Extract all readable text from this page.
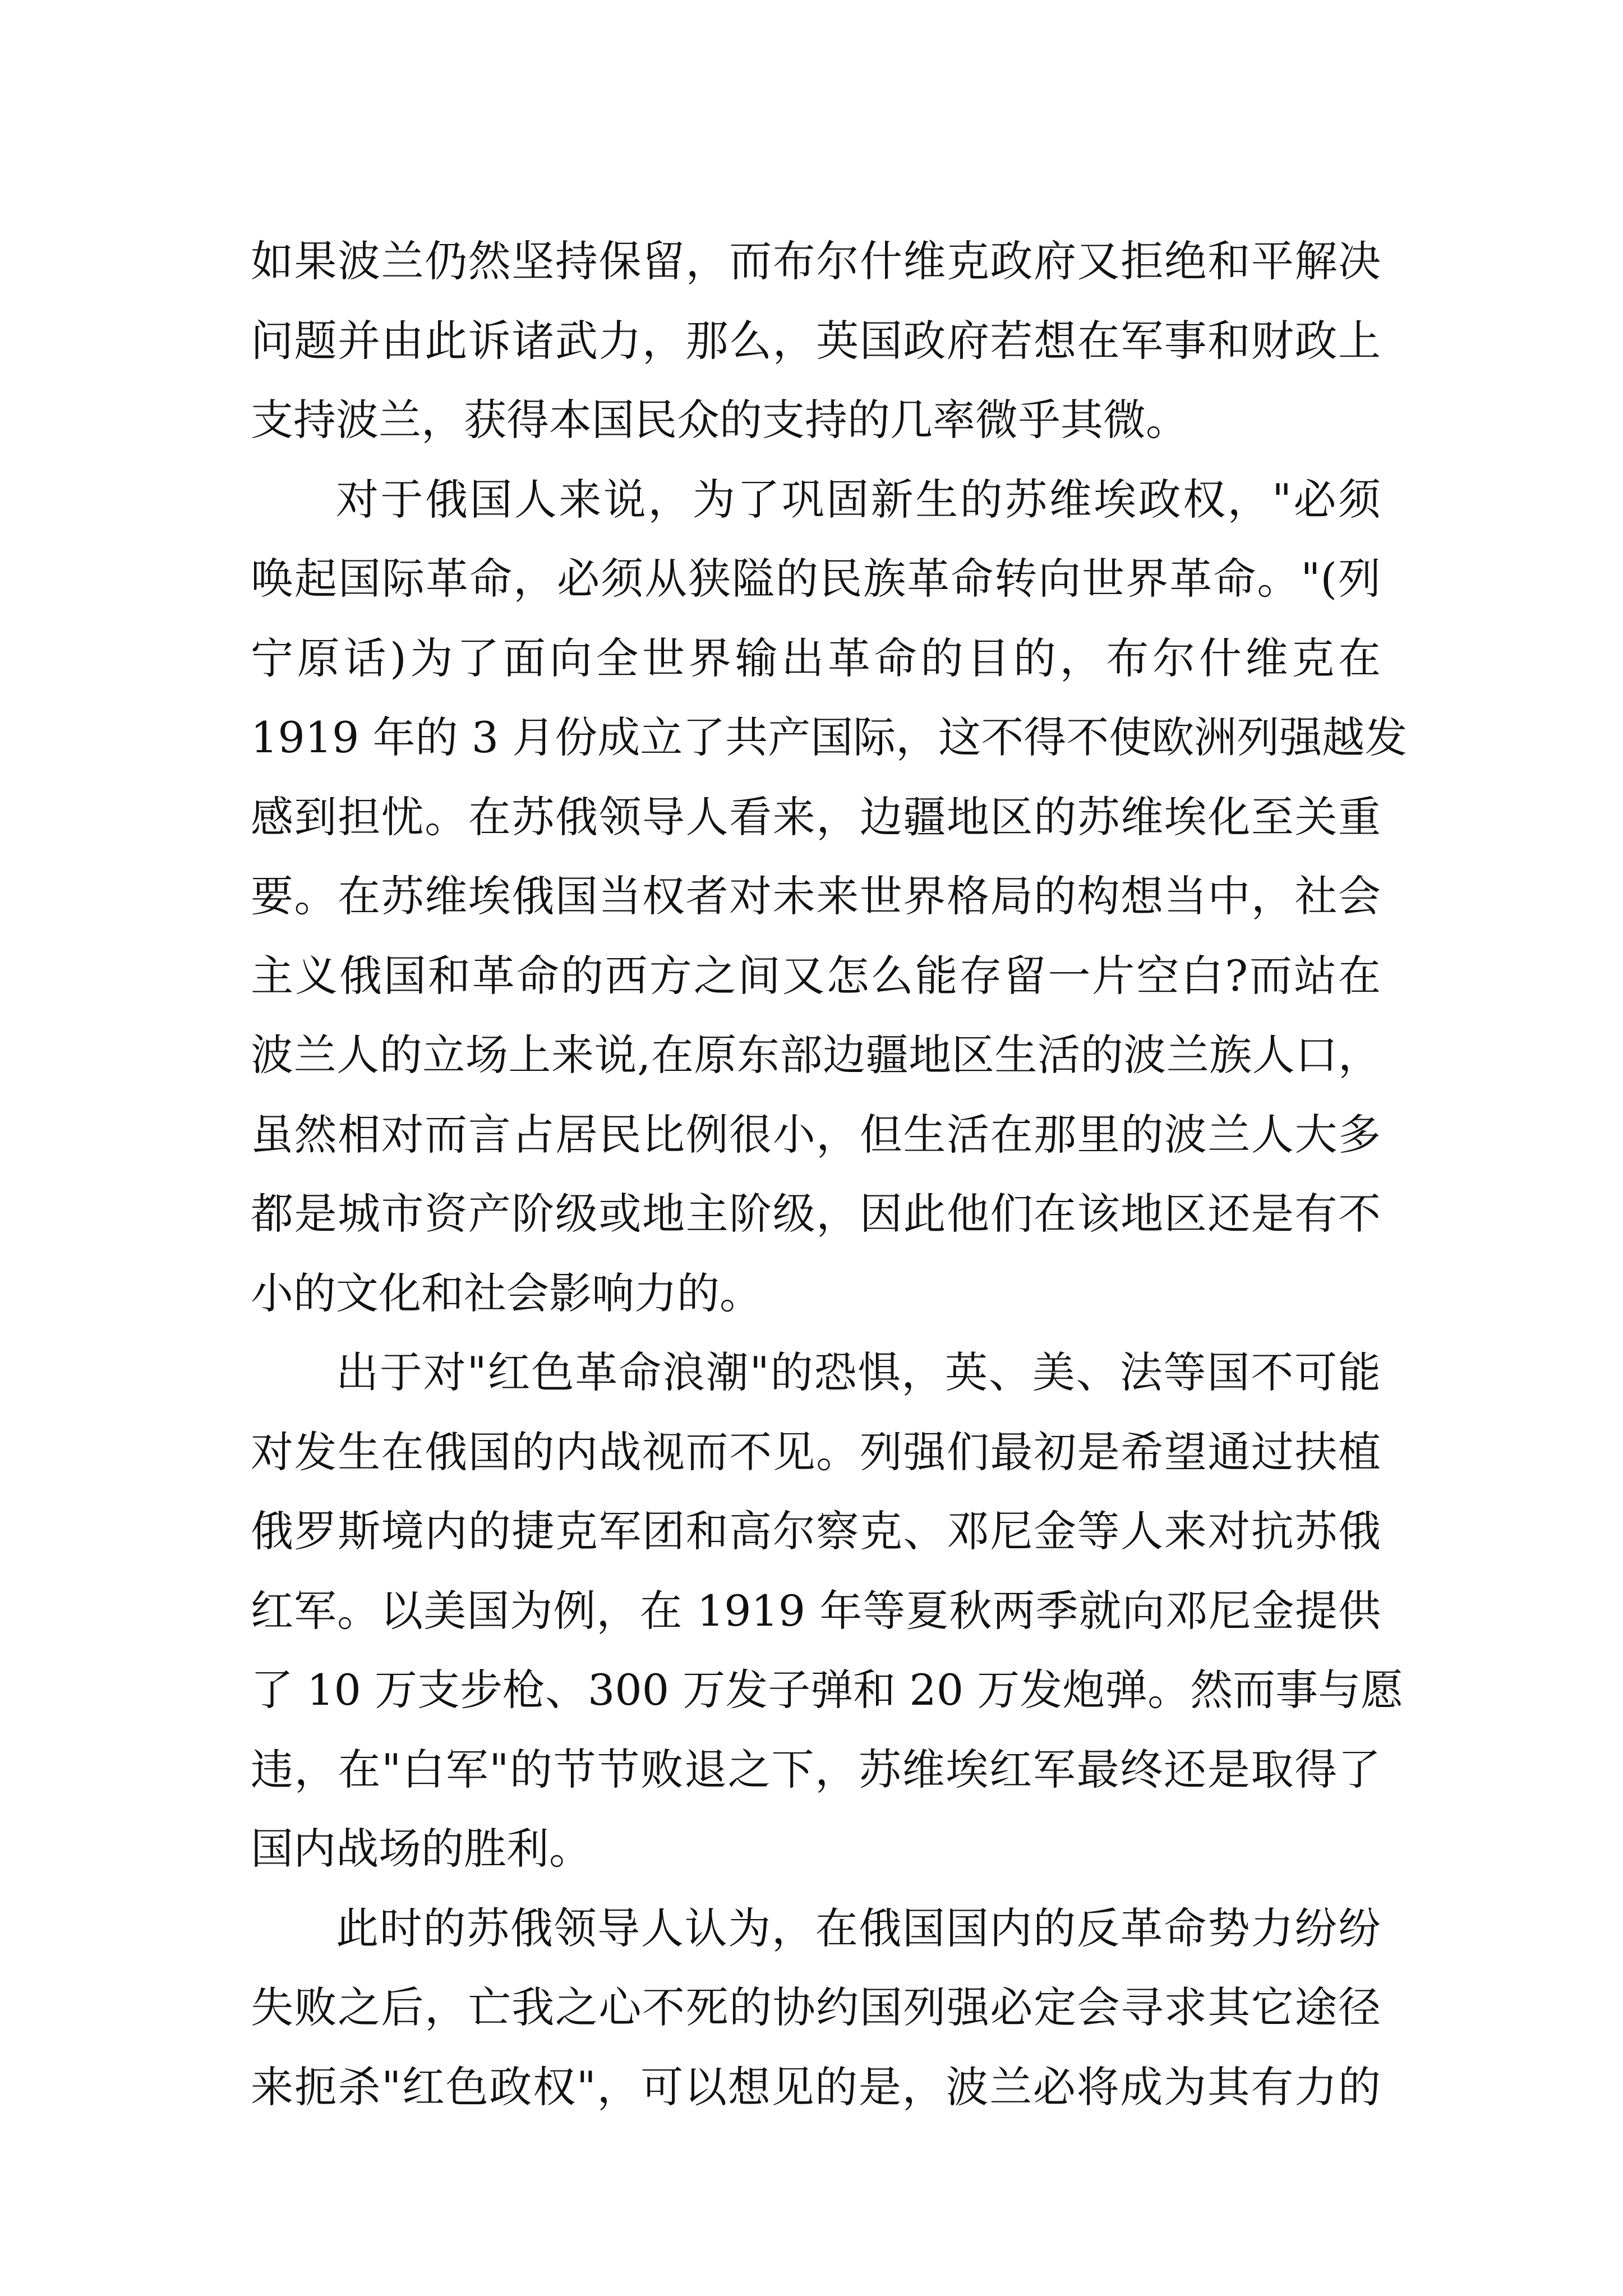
如果波兰仍然坚持保留，而布尔什维克政府又拒绝和平解决
问题并由此诉诸武力，那么，英国政府若想在军事和财政上
支持波兰，获得本国民众的支持的几率微乎其微。
对于俄国人来说，为了巩固新生的苏维埃政权，"必须
唤起国际革命，必须从狭隘的民族革命转向世界革命。"(列
宁原话)为了面向全世界输出革命的目的，布尔什维克在
1919 年的 3 月份成立了共产国际，这不得不使欧洲列强越发
感到担忧。在苏俄领导人看来，边疆地区的苏维埃化至关重
要。在苏维埃俄国当权者对未来世界格局的构想当中，社会
主义俄国和革命的西方之间又怎么能存留一片空白?而站在
波兰人的立场上来说,在原东部边疆地区生活的波兰族人口，
虽然相对而言占居民比例很小，但生活在那里的波兰人大多
都是城市资产阶级或地主阶级，因此他们在该地区还是有不
小的文化和社会影响力的。
出于对"红色革命浪潮"的恐惧，英、美、法等国不可能
对发生在俄国的内战视而不见。列强们最初是希望通过扶植
俄罗斯境内的捷克军团和高尔察克、邓尼金等人来对抗苏俄
红军。以美国为例，在 1919 年等夏秋两季就向邓尼金提供
了 10 万支步枪、300 万发子弹和 20 万发炮弹。然而事与愿
违，在"白军"的节节败退之下，苏维埃红军最终还是取得了
国内战场的胜利。
此时的苏俄领导人认为，在俄国国内的反革命势力纷纷
失败之后，亡我之心不死的协约国列强必定会寻求其它途径
来扼杀"红色政权"，可以想见的是，波兰必将成为其有力的
